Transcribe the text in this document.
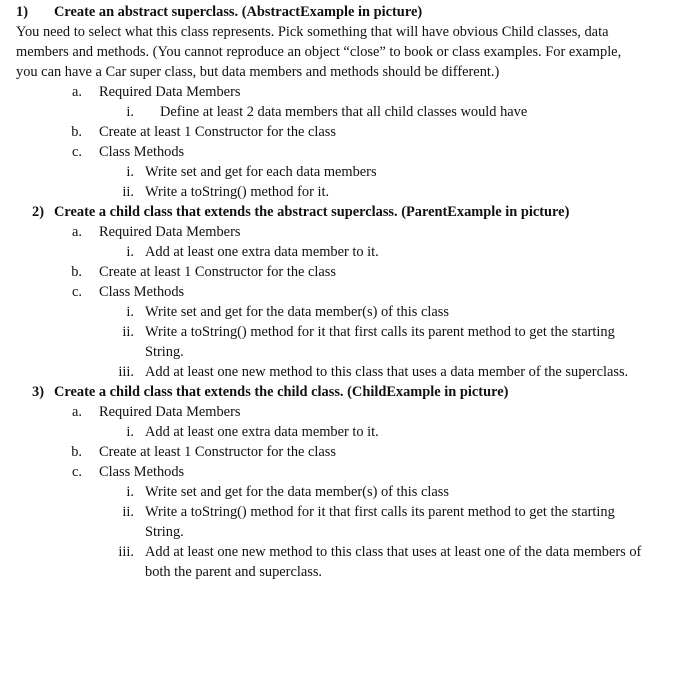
1) Create an abstract superclass. (AbstractExample in picture)
You need to select what this class represents. Pick something that will have obvious Child classes, data
members and methods. (You cannot reproduce an object “close” to book or class examples. For example,
you can have a Car super class, but data members and methods should be different.)
a. Required Data Members
i. Define at least 2 data members that all child classes would have
b. Create at least 1 Constructor for the class
c. Class Methods
i. Write set and get for each data members
ii. Write a toString() method for it.
2) Create a child class that extends the abstract superclass. (ParentExample in picture)
a. Required Data Members
i. Add at least one extra data member to it.
b. Create at least 1 Constructor for the class
c. Class Methods
i. Write set and get for the data member(s) of this class
ii. Write a toString() method for it that first calls its parent method to get the starting
String.
iii. Add at least one new method to this class that uses a data member of the superclass.
3) Create a child class that extends the child class. (ChildExample in picture)
a. Required Data Members
i. Add at least one extra data member to it.
b. Create at least 1 Constructor for the class
c. Class Methods
i. Write set and get for the data member(s) of this class
ii. Write a toString() method for it that first calls its parent method to get the starting
String.
iii. Add at least one new method to this class that uses at least one of the data members of
both the parent and superclass.
